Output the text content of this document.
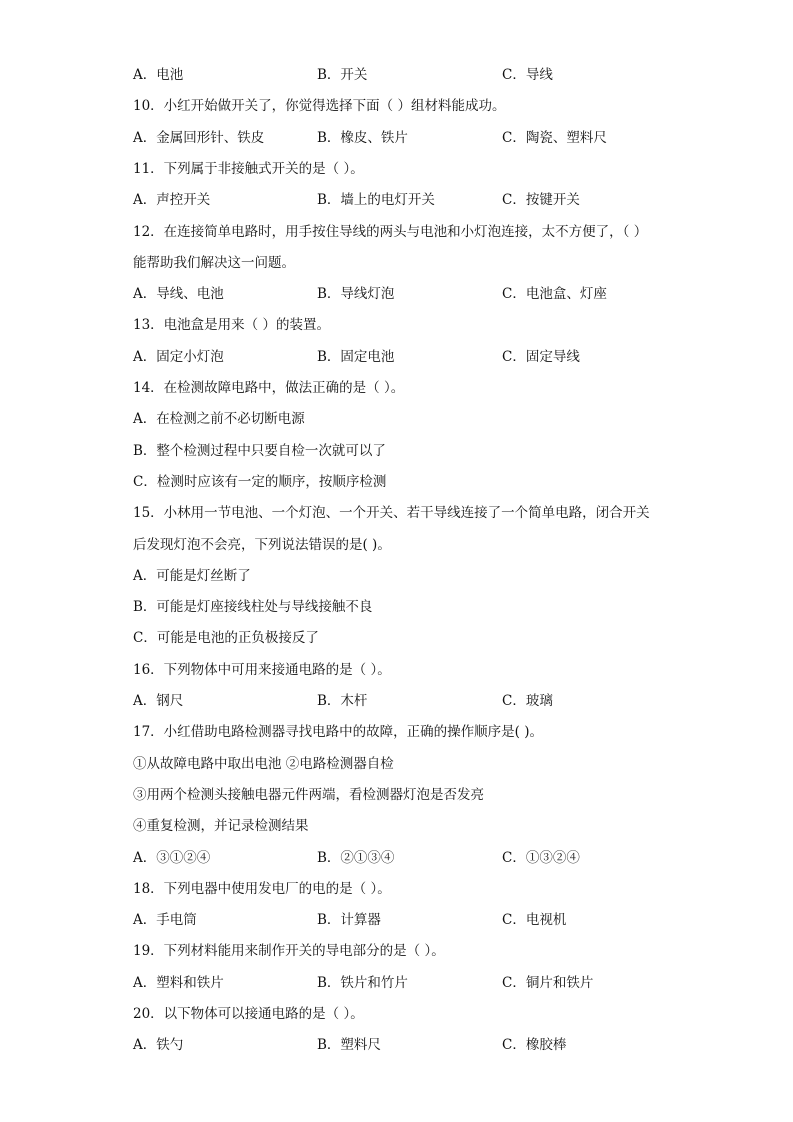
A．电池	B．开关	C．导线
10．小红开始做开关了，你觉得选择下面（ ）组材料能成功。
A．金属回形针、铁皮	B．橡皮、铁片	C．陶瓷、塑料尺
11．下列属于非接触式开关的是（ ）。
A．声控开关	B．墙上的电灯开关	C．按键开关
12．在连接简单电路时，用手按住导线的两头与电池和小灯泡连接，太不方便了，（ ）
能帮助我们解决这一问题。
A．导线、电池	B．导线灯泡	C．电池盒、灯座
13．电池盒是用来（ ）的装置。
A．固定小灯泡	B．固定电池	C．固定导线
14．在检测故障电路中，做法正确的是（ ）。
A．在检测之前不必切断电源
B．整个检测过程中只要自检一次就可以了
C．检测时应该有一定的顺序，按顺序检测
15．小林用一节电池、一个灯泡、一个开关、若干导线连接了一个简单电路，闭合开关
后发现灯泡不会亮，下列说法错误的是( )。
A．可能是灯丝断了
B．可能是灯座接线柱处与导线接触不良
C．可能是电池的正负极接反了
16．下列物体中可用来接通电路的是（ ）。
A．钢尺	B．木杆	C．玻璃
17．小红借助电路检测器寻找电路中的故障，正确的操作顺序是( )。
①从故障电路中取出电池 ②电路检测器自检
③用两个检测头接触电器元件两端，看检测器灯泡是否发亮
④重复检测，并记录检测结果
A．③①②④	B．②①③④	C．①③②④
18．下列电器中使用发电厂的电的是（ ）。
A．手电筒	B．计算器	C．电视机
19．下列材料能用来制作开关的导电部分的是（ ）。
A．塑料和铁片	B．铁片和竹片	C．铜片和铁片
20．以下物体可以接通电路的是（ ）。
A．铁勺	B．塑料尺	C．橡胶棒
